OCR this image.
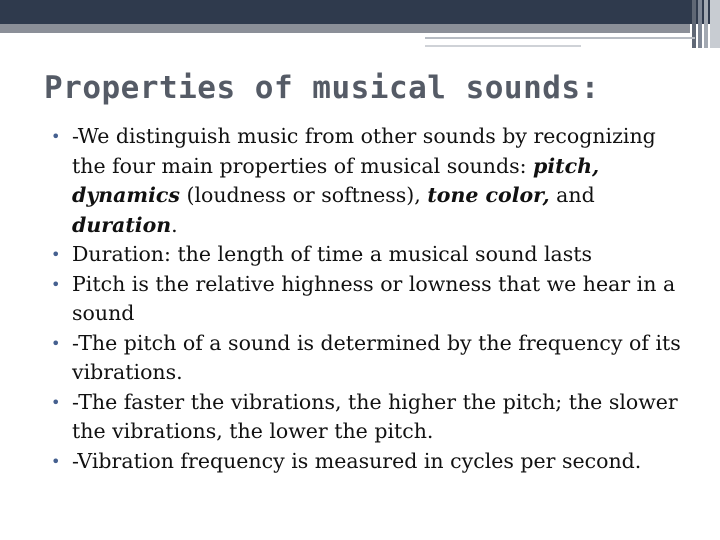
Properties of musical sounds:
• -We distinguish music from other sounds by recognizing the four main properties of musical sounds: pitch, dynamics (loudness or softness), tone color, and duration.
• Duration: the length of time a musical sound lasts
• Pitch is the relative highness or lowness that we hear in a sound
• -The pitch of a sound is determined by the frequency of its vibrations.
• -The faster the vibrations, the higher the pitch; the slower the vibrations, the lower the pitch.
• -Vibration frequency is measured in cycles per second.
